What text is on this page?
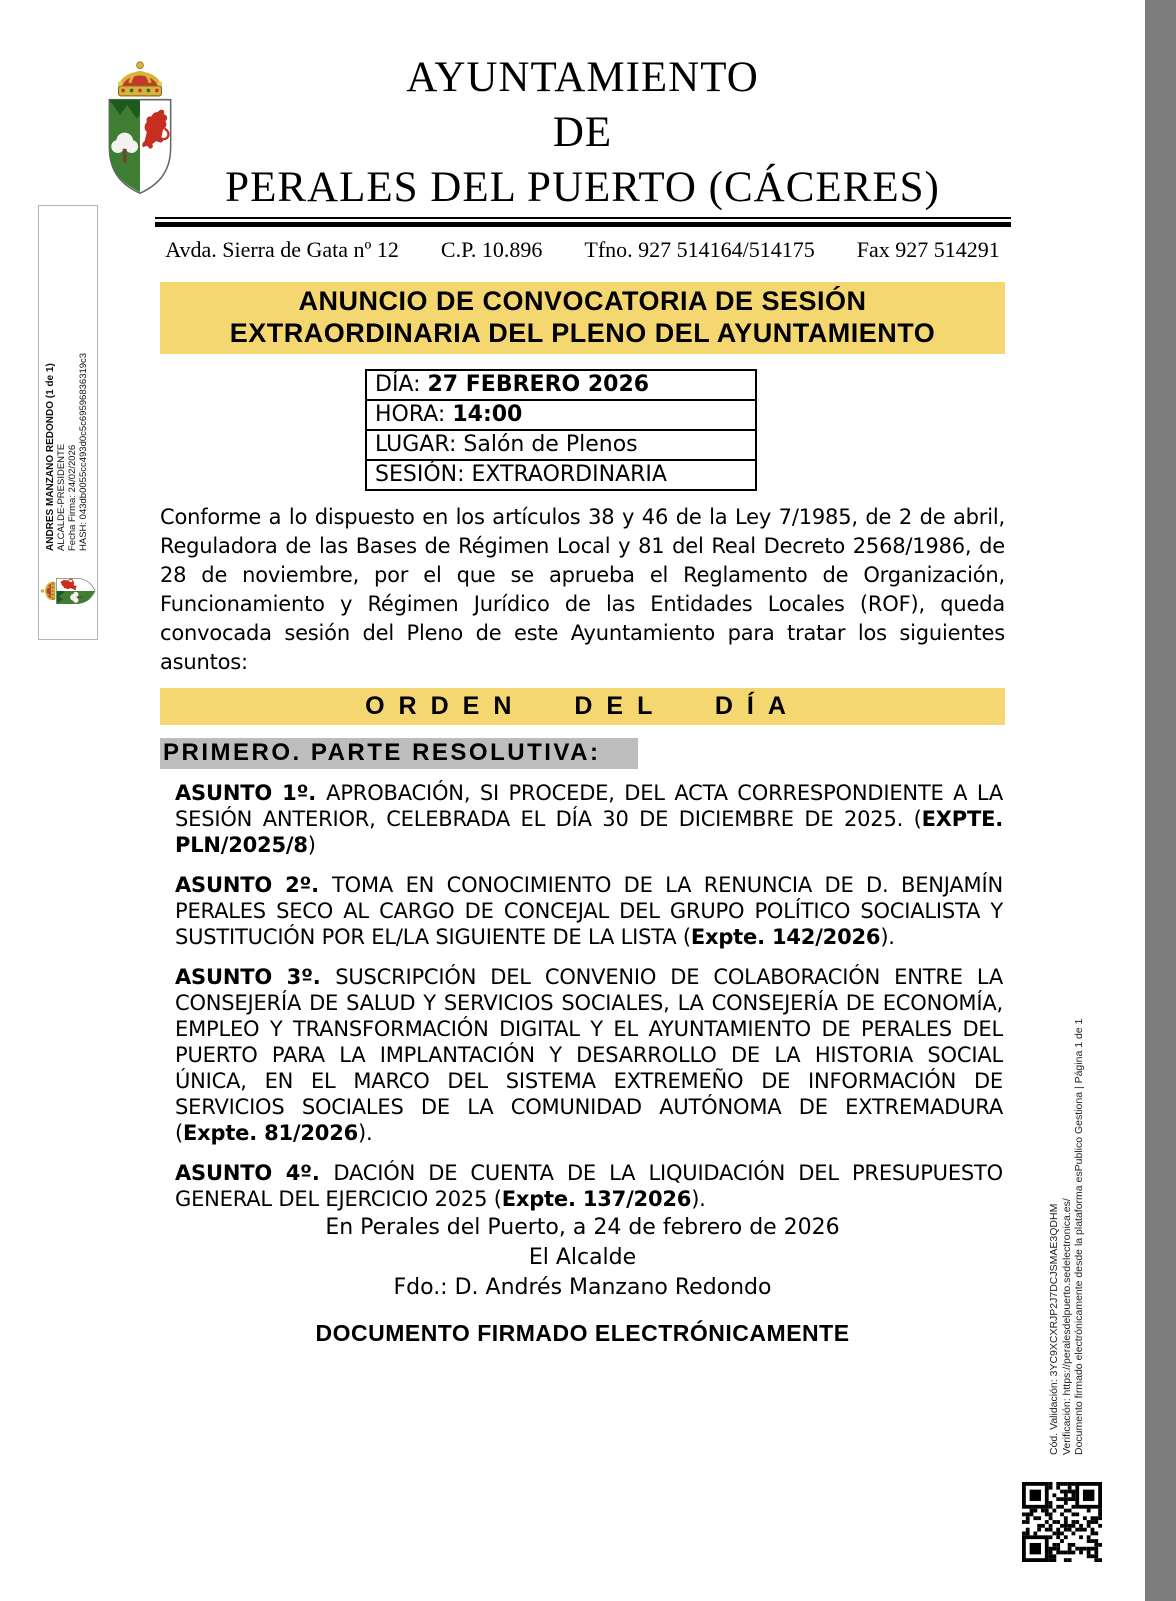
AYUNTAMIENTO
DE
PERALES DEL PUERTO (CÁCERES)
Avda. Sierra de Gata nº 12 C.P. 10.896 Tfno. 927 514164/514175 Fax 927 514291
ANUNCIO DE CONVOCATORIA DE SESIÓN
EXTRAORDINARIA DEL PLENO DEL AYUNTAMIENTO
DÍA: 27 FEBRERO 2026
HORA: 14:00
LUGAR: Salón de Plenos
SESIÓN: EXTRAORDINARIA
Conforme a lo dispuesto en los artículos 38 y 46 de la Ley 7/1985, de 2 de abril, Reguladora de las Bases de Régimen Local y 81 del Real Decreto 2568/1986, de 28 de noviembre, por el que se aprueba el Reglamento de Organización, Funcionamiento y Régimen Jurídico de las Entidades Locales (ROF), queda convocada sesión del Pleno de este Ayuntamiento para tratar los siguientes asuntos:
ORDEN DEL DÍA
PRIMERO. PARTE RESOLUTIVA:

ASUNTO 1º. APROBACIÓN, SI PROCEDE, DEL ACTA CORRESPONDIENTE A LA SESIÓN ANTERIOR, CELEBRADA EL DÍA 30 DE DICIEMBRE DE 2025. (EXPTE. PLN/2025/8)

ASUNTO 2º. TOMA EN CONOCIMIENTO DE LA RENUNCIA DE D. BENJAMÍN PERALES SECO AL CARGO DE CONCEJAL DEL GRUPO POLÍTICO SOCIALISTA Y SUSTITUCIÓN POR EL/LA SIGUIENTE DE LA LISTA (Expte. 142/2026).

ASUNTO 3º. SUSCRIPCIÓN DEL CONVENIO DE COLABORACIÓN ENTRE LA CONSEJERÍA DE SALUD Y SERVICIOS SOCIALES, LA CONSEJERÍA DE ECONOMÍA, EMPLEO Y TRANSFORMACIÓN DIGITAL Y EL AYUNTAMIENTO DE PERALES DEL PUERTO PARA LA IMPLANTACIÓN Y DESARROLLO DE LA HISTORIA SOCIAL ÚNICA, EN EL MARCO DEL SISTEMA EXTREMEÑO DE INFORMACIÓN DE SERVICIOS SOCIALES DE LA COMUNIDAD AUTÓNOMA DE EXTREMADURA (Expte. 81/2026).

ASUNTO 4º. DACIÓN DE CUENTA DE LA LIQUIDACIÓN DEL PRESUPUESTO GENERAL DEL EJERCICIO 2025 (Expte. 137/2026).

En Perales del Puerto, a 24 de febrero de 2026
El Alcalde
Fdo.: D. Andrés Manzano Redondo
DOCUMENTO FIRMADO ELECTRÓNICAMENTE
ANDRES MANZANO REDONDO (1 de 1) ALCALDE-PRESIDENTE Fecha Firma: 24/02/2026 HASH: 043db0055cc493d0c5c69596836319c3
Cód. Validación: 3YC9XCXRJP2J7DCJSMAE3QDHM Verificación: https://peralesdelpuerto.sedelectronica.es/ Documento firmado electrónicamente desde la plataforma esPublico Gestiona | Página 1 de 1
